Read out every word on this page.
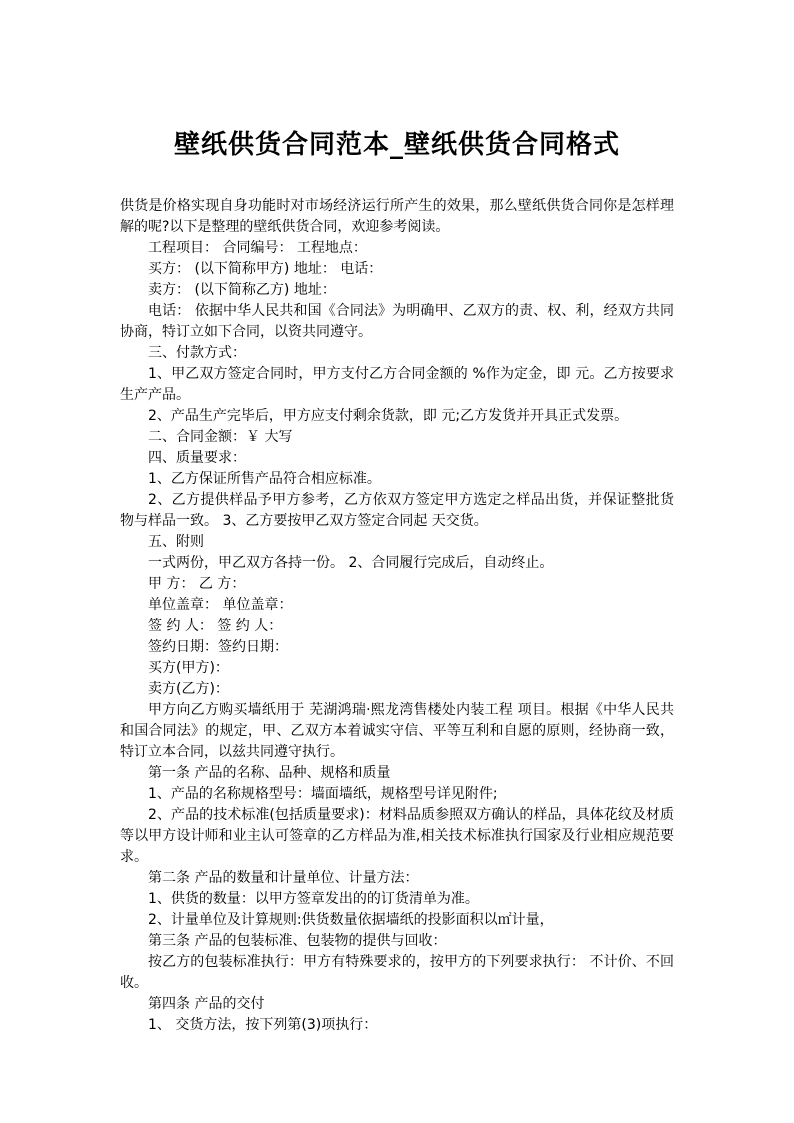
壁纸供货合同范本_壁纸供货合同格式

供货是价格实现自身功能时对市场经济运行所产生的效果，那么壁纸供货合同你是怎样理解的呢?以下是整理的壁纸供货合同，欢迎参考阅读。

工程项目： 合同编号： 工程地点：

买方： (以下简称甲方) 地址： 电话：

卖方： (以下简称乙方) 地址：

电话： 依据中华人民共和国《合同法》为明确甲、乙双方的责、权、利，经双方共同协商，特订立如下合同，以资共同遵守。

三、付款方式：

1、甲乙双方签定合同时，甲方支付乙方合同金额的 %作为定金，即 元。乙方按要求生产产品。

2、产品生产完毕后，甲方应支付剩余货款，即 元;乙方发货并开具正式发票。

二、合同金额：￥ 大写

四、质量要求：

1、乙方保证所售产品符合相应标准。

2、乙方提供样品予甲方参考，乙方依双方签定甲方选定之样品出货，并保证整批货物与样品一致。 3、乙方要按甲乙双方签定合同起 天交货。

五、附则

一式两份，甲乙双方各持一份。 2、合同履行完成后，自动终止。

甲 方： 乙 方：

单位盖章： 单位盖章：

签 约 人： 签 约 人：

签约日期：签约日期：

买方(甲方)：

卖方(乙方)：

甲方向乙方购买墙纸用于 芜湖鸿瑞·熙龙湾售楼处内装工程 项目。根据《中华人民共和国合同法》的规定，甲、乙双方本着诚实守信、平等互利和自愿的原则，经协商一致，特订立本合同，以兹共同遵守执行。

第一条 产品的名称、品种、规格和质量

1、产品的名称规格型号：墙面墙纸，规格型号详见附件;

2、产品的技术标准(包括质量要求)：材料品质参照双方确认的样品，具体花纹及材质等以甲方设计师和业主认可签章的乙方样品为准,相关技术标准执行国家及行业相应规范要求。

第二条 产品的数量和计量单位、计量方法：

1、供货的数量：以甲方签章发出的的订货清单为准。

2、计量单位及计算规则:供货数量依据墙纸的投影面积以㎡计量，

第三条 产品的包装标准、包装物的提供与回收：

按乙方的包装标准执行：甲方有特殊要求的，按甲方的下列要求执行： 不计价、不回收。

第四条 产品的交付

1、 交货方法，按下列第(3)项执行：
